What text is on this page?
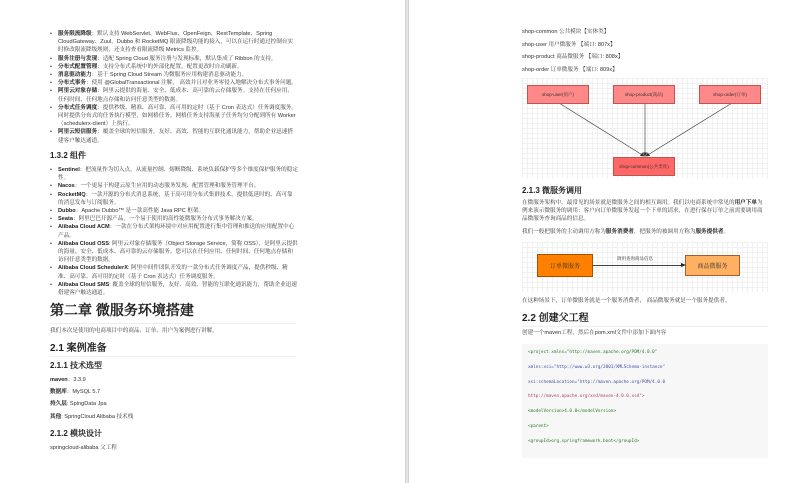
• 服务限流降级：默认支持 WebServlet、WebFlux、OpenFeign、RestTemplate、Spring CloudGateway、Zuul、Dubbo 和 RocketMQ 限流降级功能的接入，可以在运行时通过控制台实时修改限流降级规则，还支持查看限流降级 Metrics 监控。
• 服务注册与发现：适配 Spring Cloud 服务注册与发现标准，默认集成了 Ribbon 的支持。
• 分布式配置管理：支持分布式系统中的外部化配置，配置更改时自动刷新。
• 消息驱动能力：基于 Spring Cloud Stream 为微服务应用构建消息驱动能力。
• 分布式事务：使用 @GlobalTransactional 注解， 高效并且对业务零侵入地解决分布式事务问题。
• 阿里云对象存储：阿里云提供的海量、安全、低成本、高可靠的云存储服务。支持在任何应用、任何时间、任何地点存储和访问任意类型的数据。
• 分布式任务调度：提供秒级、精准、高可靠、高可用的定时（基于 Cron 表达式）任务调度服务。同时提供分布式的任务执行模型，如网格任务。网格任务支持海量子任务均匀分配到所有 Worker（schedulerx-client）上执行。
• 阿里云短信服务：覆盖全球的短信服务，友好、高效、智能的互联化通讯能力，帮助企业迅速搭建客户触达通道。
1.3.2 组件
• Sentinel：把流量作为切入点，从流量控制、熔断降级、系统负载保护等多个维度保护服务的稳定性。
• Nacos：一个更易于构建云原生应用的动态服务发现、配置管理和服务管理平台。
• RocketMQ：一款开源的分布式消息系统，基于高可用分布式集群技术，提供低延时的、高可靠的消息发布与订阅服务。
• Dubbo：Apache Dubbo™ 是一款高性能 Java RPC 框架。
• Seata：阿里巴巴开源产品，一个易于使用的高性能微服务分布式事务解决方案。
• Alibaba Cloud ACM：一款在分布式架构环境中对应用配置进行集中管理和推送的应用配置中心产品。
• Alibaba Cloud OSS: 阿里云对象存储服务（Object Storage Service，简称 OSS），是阿里云提供的海量、安全、低成本、高可靠的云存储服务。您可以在任何应用、任何时间、任何地点存储和访问任意类型的数据。
• Alibaba Cloud SchedulerX: 阿里中间件团队开发的一款分布式任务调度产品，提供秒级、精准、高可靠、高可用的定时（基于 Cron 表达式）任务调度服务。
• Alibaba Cloud SMS: 覆盖全球的短信服务，友好、高效、智能的互联化通讯能力，帮助企业迅速搭建客户触达通道。
第二章 微服务环境搭建

我们本次是使用的电商项目中的商品、订单、用户为案例进行讲解。

2.1 案例准备
2.1.1 技术选型

maven：3.3.9

数据库：MySQL 5.7

持久层: SpingData Jpa

其他: SpringCloud Alibaba 技术栈

2.1.2 模块设计

springcloud-alibaba 父工程

shop-common 公共模块【实体类】

shop-user 用户微服务 【端口: 807x】

shop-product 商品微服务 【端口: 808x】

shop-order 订单微服务 【端口: 809x】

shop-user(用户)	shop-product(商品)	shop-order(订单)
shop-common(公共类库)
2.1.3 微服务调用

在微服务架构中，最常见的场景就是微服务之间的相互调用。我们以电商系统中常见的用户下单为例来演示微服务的调用：客户向订单微服务发起一个下单的请求，在进行保存订单之前需要调用商品微服务查询商品的信息。

我们一般把服务的主动调用方称为服务消费者，把服务的被调用方称为服务提供者。

订单微服务	商品微服务
调用查询商品信息

在这种场景下，订单微服务就是一个服务消费者， 商品微服务就是一个服务提供者。

2.2 创建父工程

创建一个maven工程，然后在pom.xml文件中添加下面内容

<project xmlns="http://maven.apache.org/POM/4.0.0"
xmlns:xsi="http://www.w3.org/2001/XMLSchema-instance"
xsi:schemaLocation="http://maven.apache.org/POM/4.0.0
http://maven.apache.org/xsd/maven-4.0.0.xsd">
<modelVersion>4.0.0</modelVersion>
<parent>
<groupId>org.springframework.boot</groupId>
